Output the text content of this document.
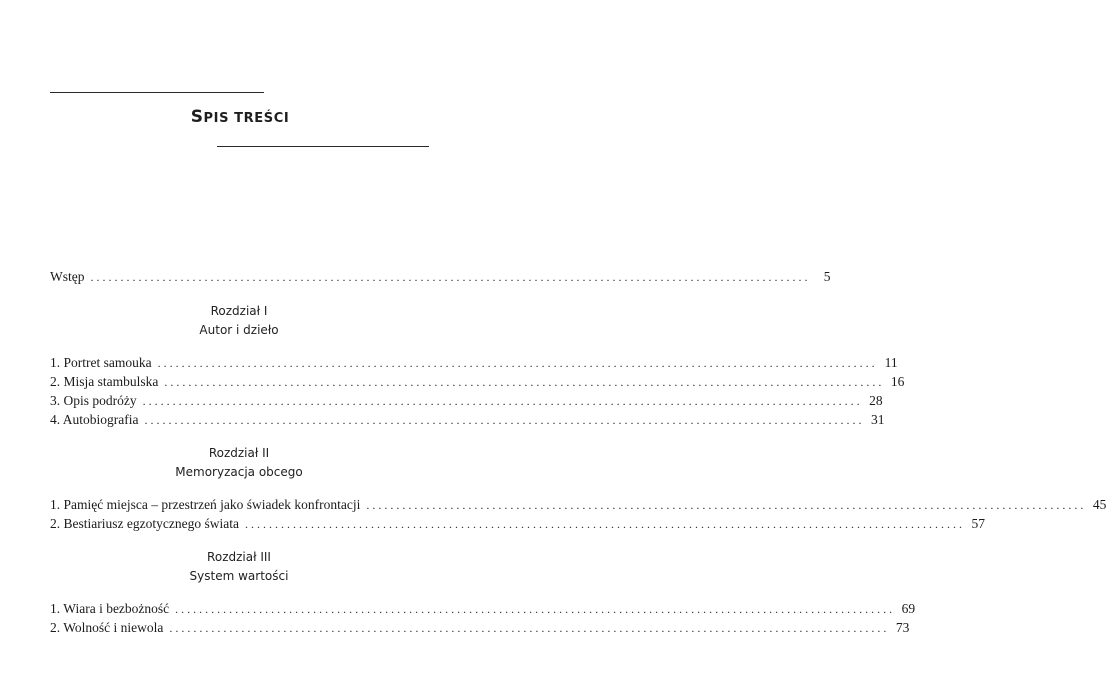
SPIS TREŚCI
Wstęp ........................................................................................................................ 5
Rozdział I
Autor i dzieło
1. Portret samouka ........................................................................................................................ 11
2. Misja stambulska ........................................................................................................................ 16
3. Opis podróży ........................................................................................................................ 28
4. Autobiografia ........................................................................................................................ 31
Rozdział II
Memoryzacja obcego
1. Pamięć miejsca – przestrzeń jako świadek konfrontacji ........................................................................................................................ 45
2. Bestiariusz egzotycznego świata ........................................................................................................................ 57
Rozdział III
System wartości
1. Wiara i bezbożność ........................................................................................................................ 69
2. Wolność i niewola ........................................................................................................................ 73
